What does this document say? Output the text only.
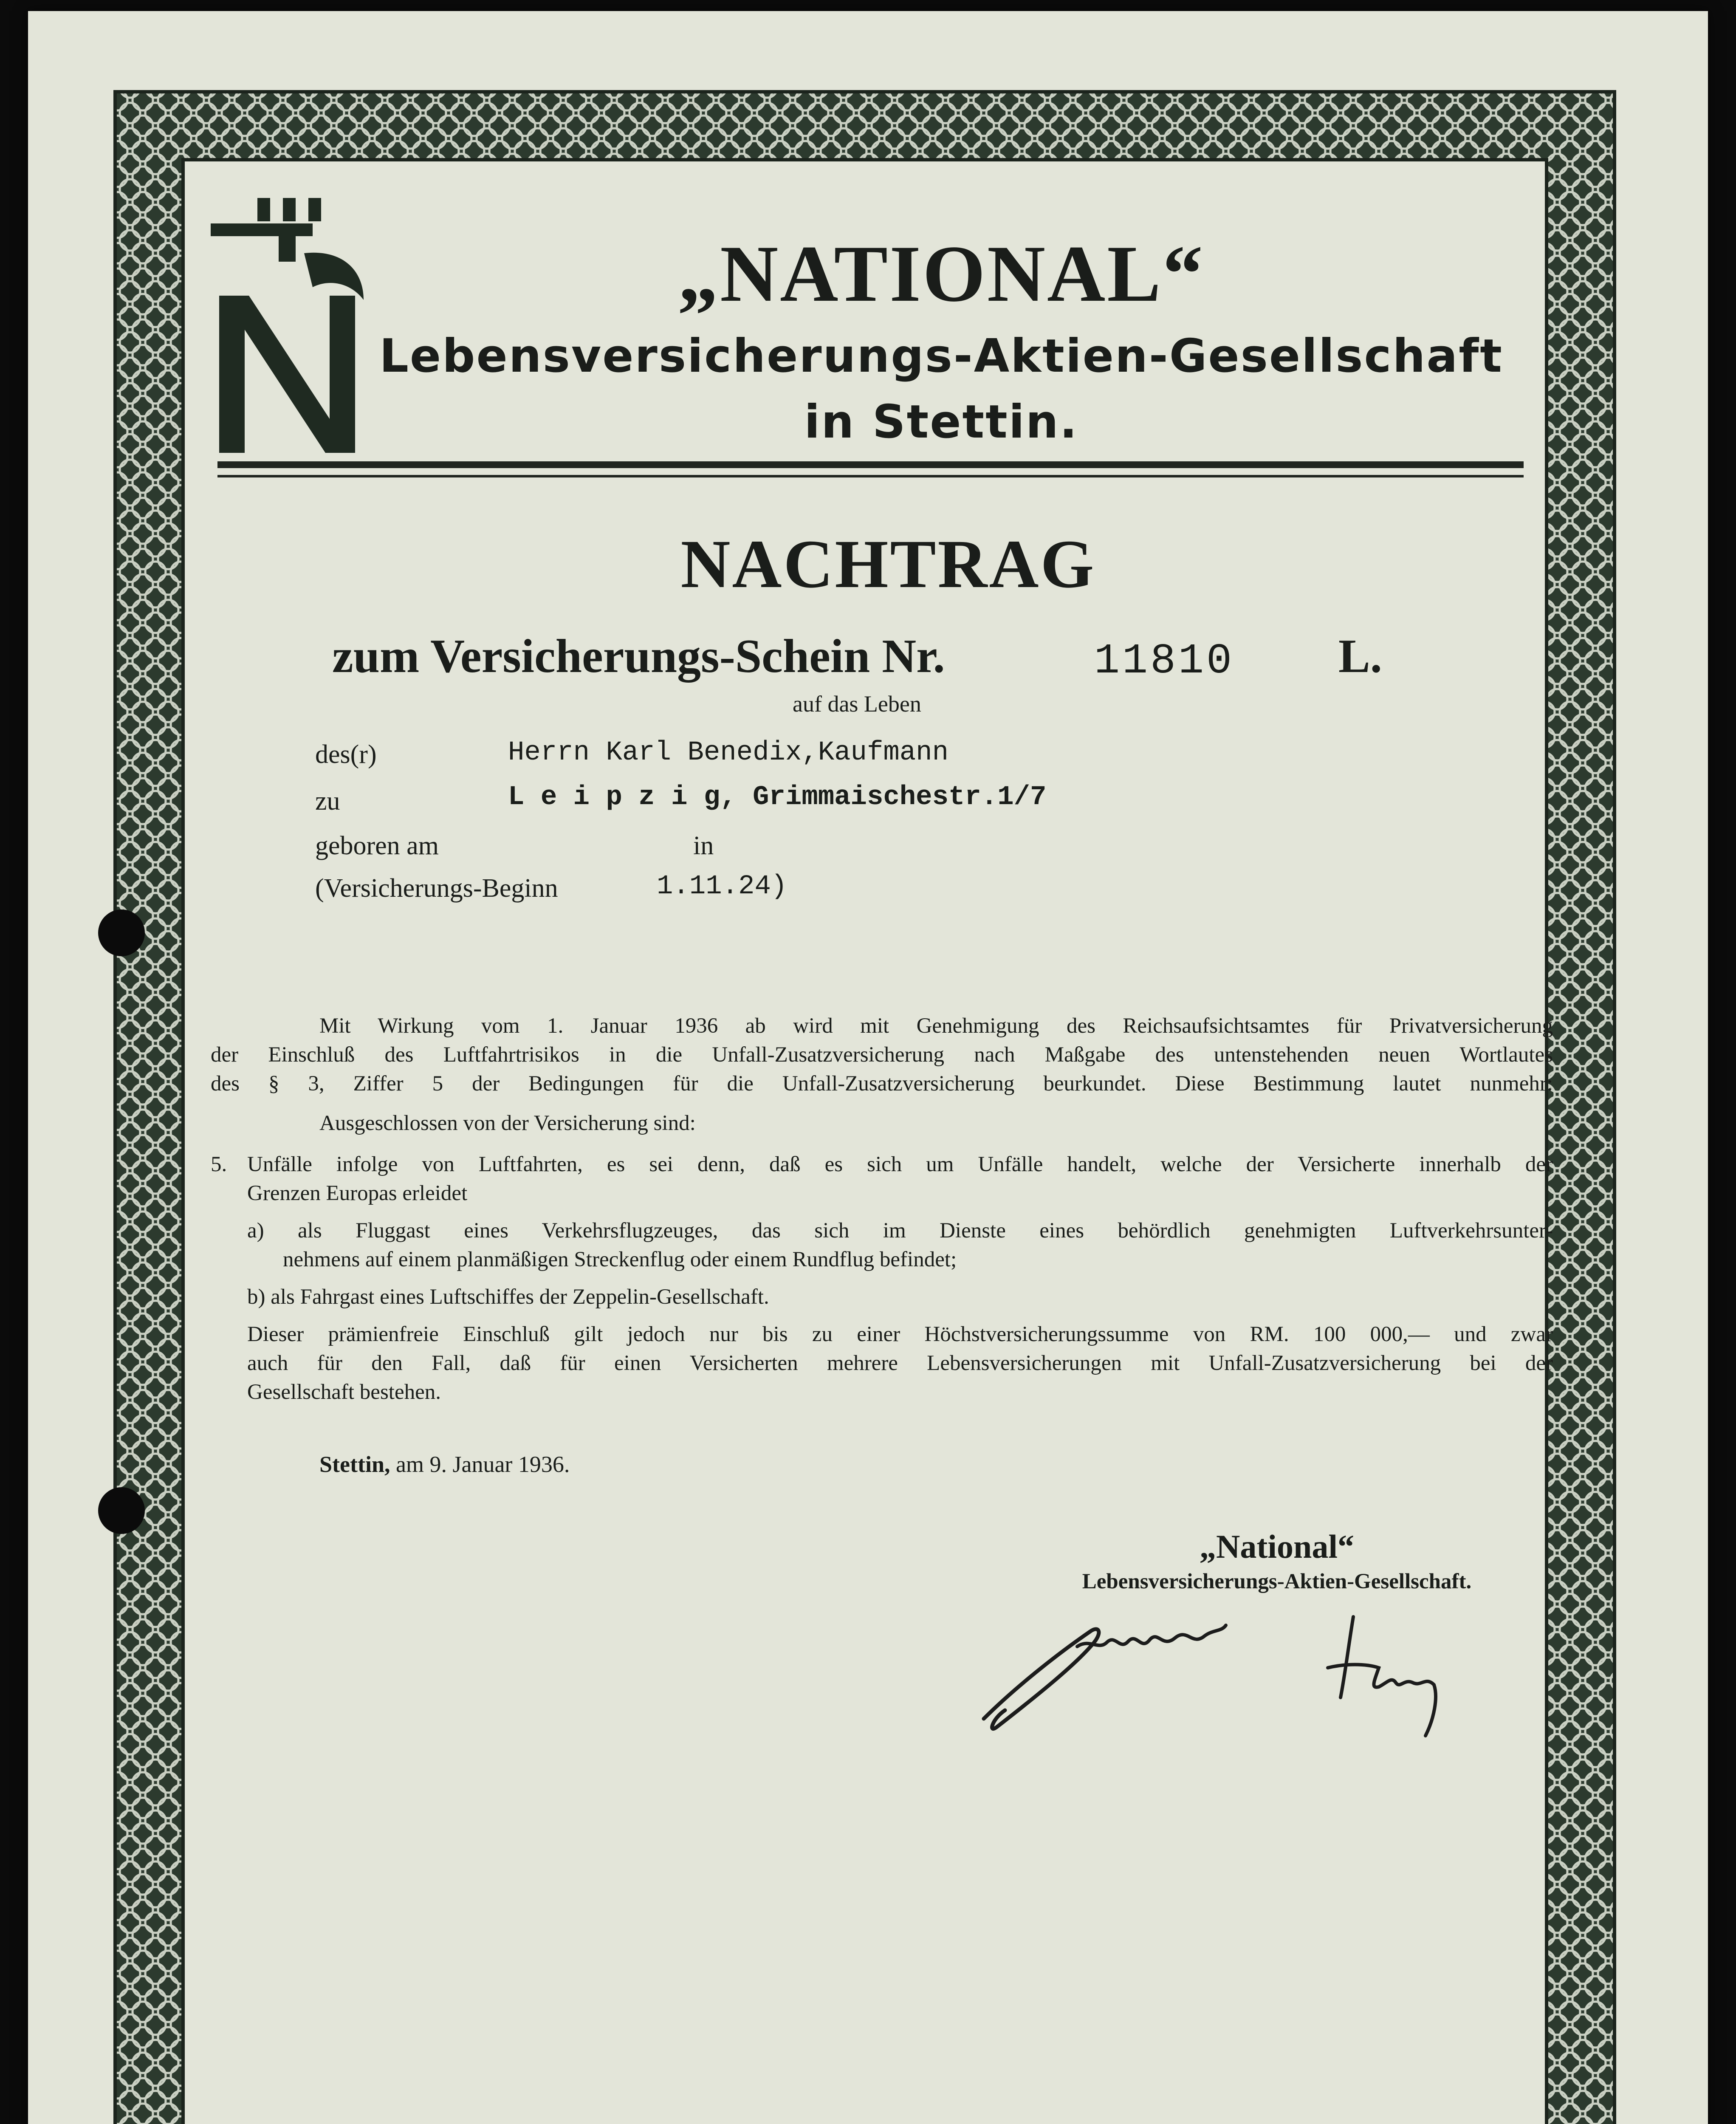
„NATIONAL“
Lebensversicherungs-Aktien-Gesellschaft
in Stettin.
NACHTRAG
zum Versicherungs-Schein Nr.	11810 L.
auf das Leben
des(r)	Herrn Karl Benedix,Kaufmann
zu	L e i p z i g, Grimmaischestr.1/7
geboren am	in
(Versicherungs-Beginn	1.11.24)
Mit Wirkung vom 1. Januar 1936 ab wird mit Genehmigung des Reichsaufsichtsamtes für Privatversicherung
der Einschluß des Luftfahrtrisikos in die Unfall-Zusatzversicherung nach Maßgabe des untenstehenden neuen Wortlautes
des § 3, Ziffer 5 der Bedingungen für die Unfall-Zusatzversicherung beurkundet. Diese Bestimmung lautet nunmehr:
Ausgeschlossen von der Versicherung sind:
5. Unfälle infolge von Luftfahrten, es sei denn, daß es sich um Unfälle handelt, welche der Versicherte innerhalb der
Grenzen Europas erleidet
a) als Fluggast eines Verkehrsflugzeuges, das sich im Dienste eines behördlich genehmigten Luftverkehrsunter-
nehmens auf einem planmäßigen Streckenflug oder einem Rundflug befindet;
b) als Fahrgast eines Luftschiffes der Zeppelin-Gesellschaft.
Dieser prämienfreie Einschluß gilt jedoch nur bis zu einer Höchstversicherungssumme von RM. 100 000,— und zwar
auch für den Fall, daß für einen Versicherten mehrere Lebensversicherungen mit Unfall-Zusatzversicherung bei der
Gesellschaft bestehen.
Stettin, am 9. Januar 1936.
„National“
Lebensversicherungs-Aktien-Gesellschaft.
